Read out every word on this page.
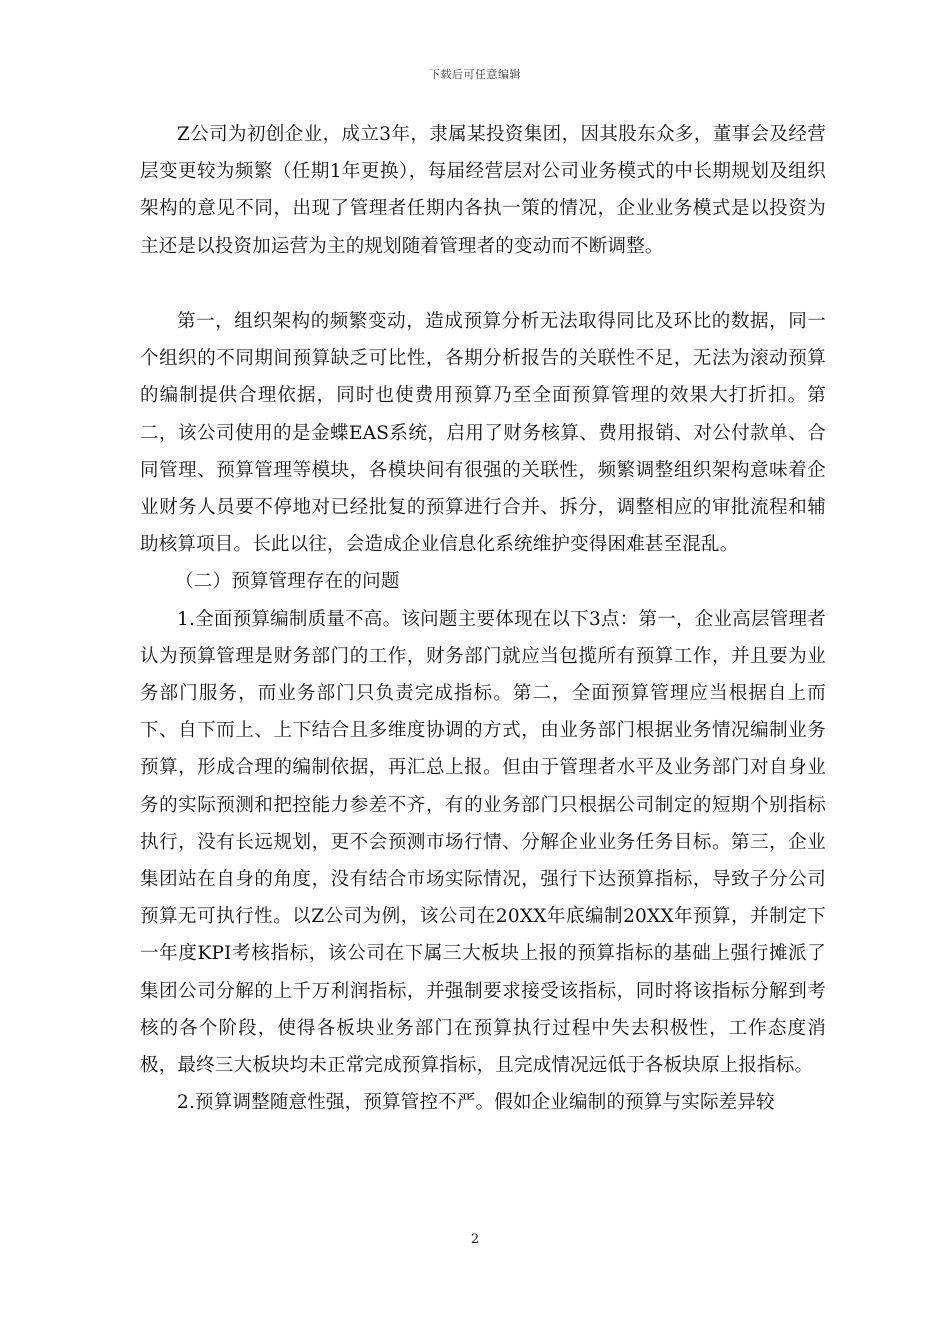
下载后可任意编辑

Z公司为初创企业，成立3年，隶属某投资集团，因其股东众多，董事会及经营层变更较为频繁（任期1年更换），每届经营层对公司业务模式的中长期规划及组织架构的意见不同，出现了管理者任期内各执一策的情况，企业业务模式是以投资为主还是以投资加运营为主的规划随着管理者的变动而不断调整。

第一，组织架构的频繁变动，造成预算分析无法取得同比及环比的数据，同一个组织的不同期间预算缺乏可比性，各期分析报告的关联性不足，无法为滚动预算的编制提供合理依据，同时也使费用预算乃至全面预算管理的效果大打折扣。第二，该公司使用的是金蝶EAS系统，启用了财务核算、费用报销、对公付款单、合同管理、预算管理等模块，各模块间有很强的关联性，频繁调整组织架构意味着企业财务人员要不停地对已经批复的预算进行合并、拆分，调整相应的审批流程和辅助核算项目。长此以往，会造成企业信息化系统维护变得困难甚至混乱。

（二）预算管理存在的问题

1.全面预算编制质量不高。该问题主要体现在以下3点：第一，企业高层管理者认为预算管理是财务部门的工作，财务部门就应当包揽所有预算工作，并且要为业务部门服务，而业务部门只负责完成指标。第二，全面预算管理应当根据自上而下、自下而上、上下结合且多维度协调的方式，由业务部门根据业务情况编制业务预算，形成合理的编制依据，再汇总上报。但由于管理者水平及业务部门对自身业务的实际预测和把控能力参差不齐，有的业务部门只根据公司制定的短期个别指标执行，没有长远规划，更不会预测市场行情、分解企业业务任务目标。第三，企业集团站在自身的角度，没有结合市场实际情况，强行下达预算指标，导致子分公司预算无可执行性。以Z公司为例，该公司在20XX年底编制20XX年预算，并制定下一年度KPI考核指标，该公司在下属三大板块上报的预算指标的基础上强行摊派了集团公司分解的上千万利润指标，并强制要求接受该指标，同时将该指标分解到考核的各个阶段，使得各板块业务部门在预算执行过程中失去积极性，工作态度消极，最终三大板块均未正常完成预算指标，且完成情况远低于各板块原上报指标。

2.预算调整随意性强，预算管控不严。假如企业编制的预算与实际差异较

2
